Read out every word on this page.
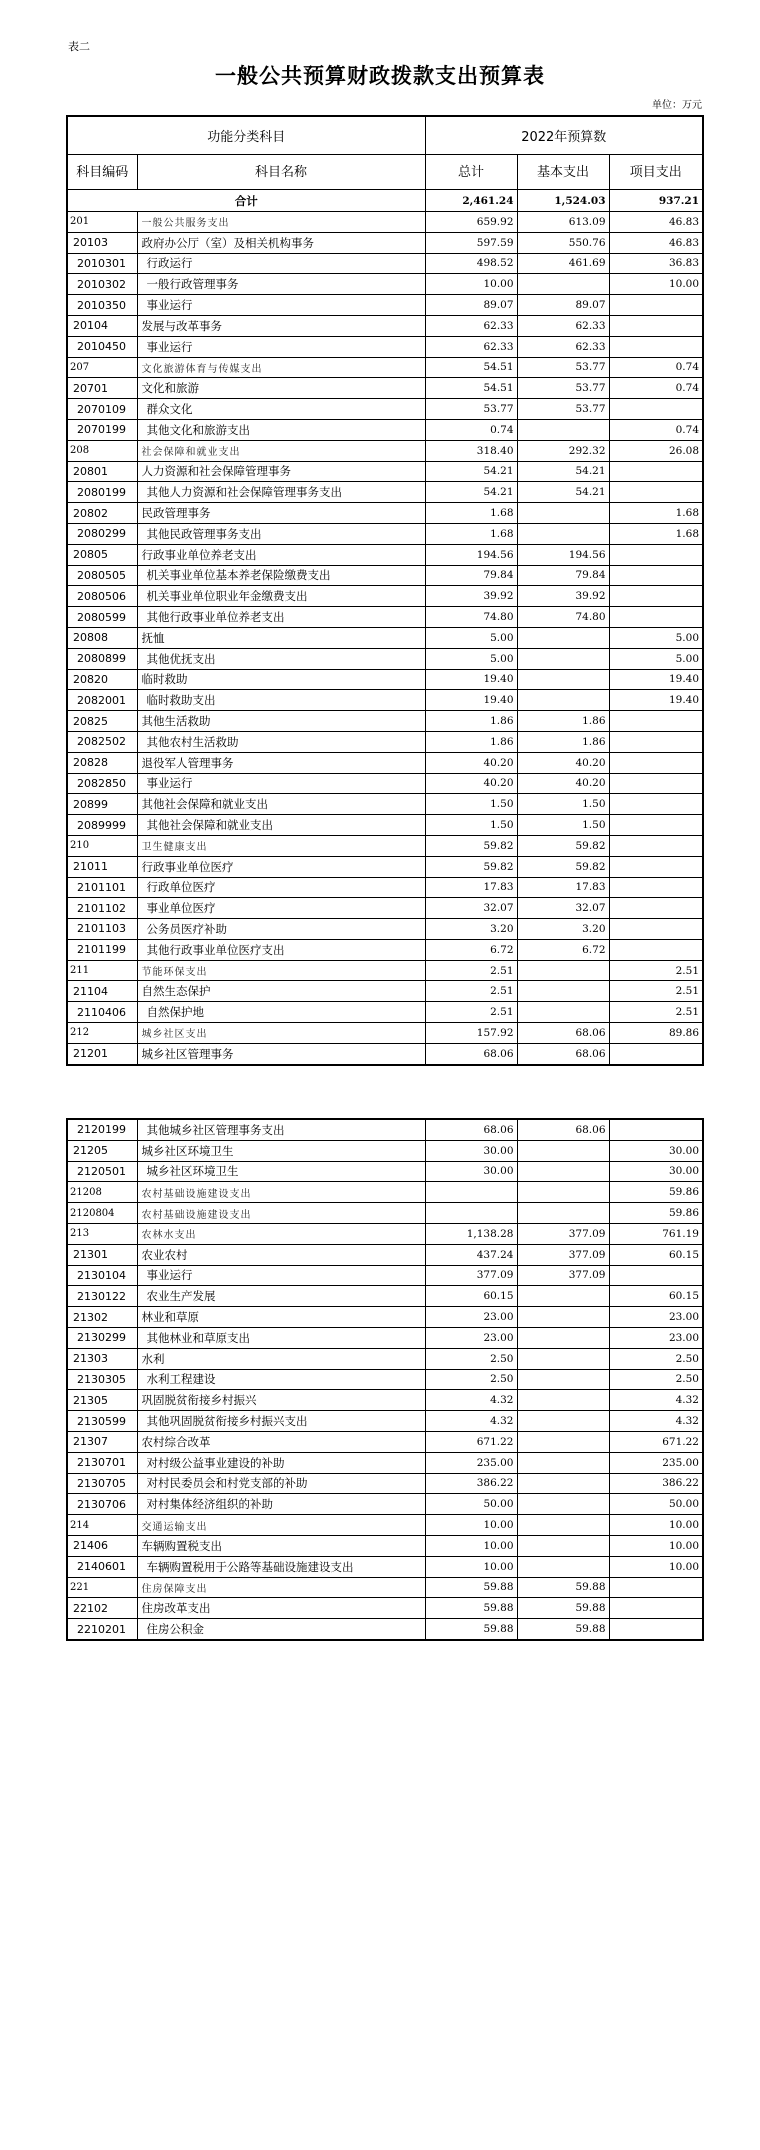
表二
一般公共预算财政拨款支出预算表
单位：万元
功能分类科目		2022年预算数		
科目编码	科目名称	总计	基本支出	项目支出
合计		2,461.24	1,524.03	937.21
201	一般公共服务支出	659.92	613.09	46.83
20103	政府办公厅（室）及相关机构事务	597.59	550.76	46.83
2010301	行政运行	498.52	461.69	36.83
2010302	一般行政管理事务	10.00		10.00
2010350	事业运行	89.07	89.07	
20104	发展与改革事务	62.33	62.33	
2010450	事业运行	62.33	62.33	
207	文化旅游体育与传媒支出	54.51	53.77	0.74
20701	文化和旅游	54.51	53.77	0.74
2070109	群众文化	53.77	53.77	
2070199	其他文化和旅游支出	0.74		0.74
208	社会保障和就业支出	318.40	292.32	26.08
20801	人力资源和社会保障管理事务	54.21	54.21	
2080199	其他人力资源和社会保障管理事务支出	54.21	54.21	
20802	民政管理事务	1.68		1.68
2080299	其他民政管理事务支出	1.68		1.68
20805	行政事业单位养老支出	194.56	194.56	
2080505	机关事业单位基本养老保险缴费支出	79.84	79.84	
2080506	机关事业单位职业年金缴费支出	39.92	39.92	
2080599	其他行政事业单位养老支出	74.80	74.80	
20808	抚恤	5.00		5.00
2080899	其他优抚支出	5.00		5.00
20820	临时救助	19.40		19.40
2082001	临时救助支出	19.40		19.40
20825	其他生活救助	1.86	1.86	
2082502	其他农村生活救助	1.86	1.86	
20828	退役军人管理事务	40.20	40.20	
2082850	事业运行	40.20	40.20	
20899	其他社会保障和就业支出	1.50	1.50	
2089999	其他社会保障和就业支出	1.50	1.50	
210	卫生健康支出	59.82	59.82	
21011	行政事业单位医疗	59.82	59.82	
2101101	行政单位医疗	17.83	17.83	
2101102	事业单位医疗	32.07	32.07	
2101103	公务员医疗补助	3.20	3.20	
2101199	其他行政事业单位医疗支出	6.72	6.72	
211	节能环保支出	2.51		2.51
21104	自然生态保护	2.51		2.51
2110406	自然保护地	2.51		2.51
212	城乡社区支出	157.92	68.06	89.86
21201	城乡社区管理事务	68.06	68.06	
2120199	其他城乡社区管理事务支出	68.06	68.06	
21205	城乡社区环境卫生	30.00		30.00
2120501	城乡社区环境卫生	30.00		30.00
21208	农村基础设施建设支出			59.86
2120804	农村基础设施建设支出			59.86
213	农林水支出	1,138.28	377.09	761.19
21301	农业农村	437.24	377.09	60.15
2130104	事业运行	377.09	377.09	
2130122	农业生产发展	60.15		60.15
21302	林业和草原	23.00		23.00
2130299	其他林业和草原支出	23.00		23.00
21303	水利	2.50		2.50
2130305	水利工程建设	2.50		2.50
21305	巩固脱贫衔接乡村振兴	4.32		4.32
2130599	其他巩固脱贫衔接乡村振兴支出	4.32		4.32
21307	农村综合改革	671.22		671.22
2130701	对村级公益事业建设的补助	235.00		235.00
2130705	对村民委员会和村党支部的补助	386.22		386.22
2130706	对村集体经济组织的补助	50.00		50.00
214	交通运输支出	10.00		10.00
21406	车辆购置税支出	10.00		10.00
2140601	车辆购置税用于公路等基础设施建设支出	10.00		10.00
221	住房保障支出	59.88	59.88	
22102	住房改革支出	59.88	59.88	
2210201	住房公积金	59.88	59.88	
